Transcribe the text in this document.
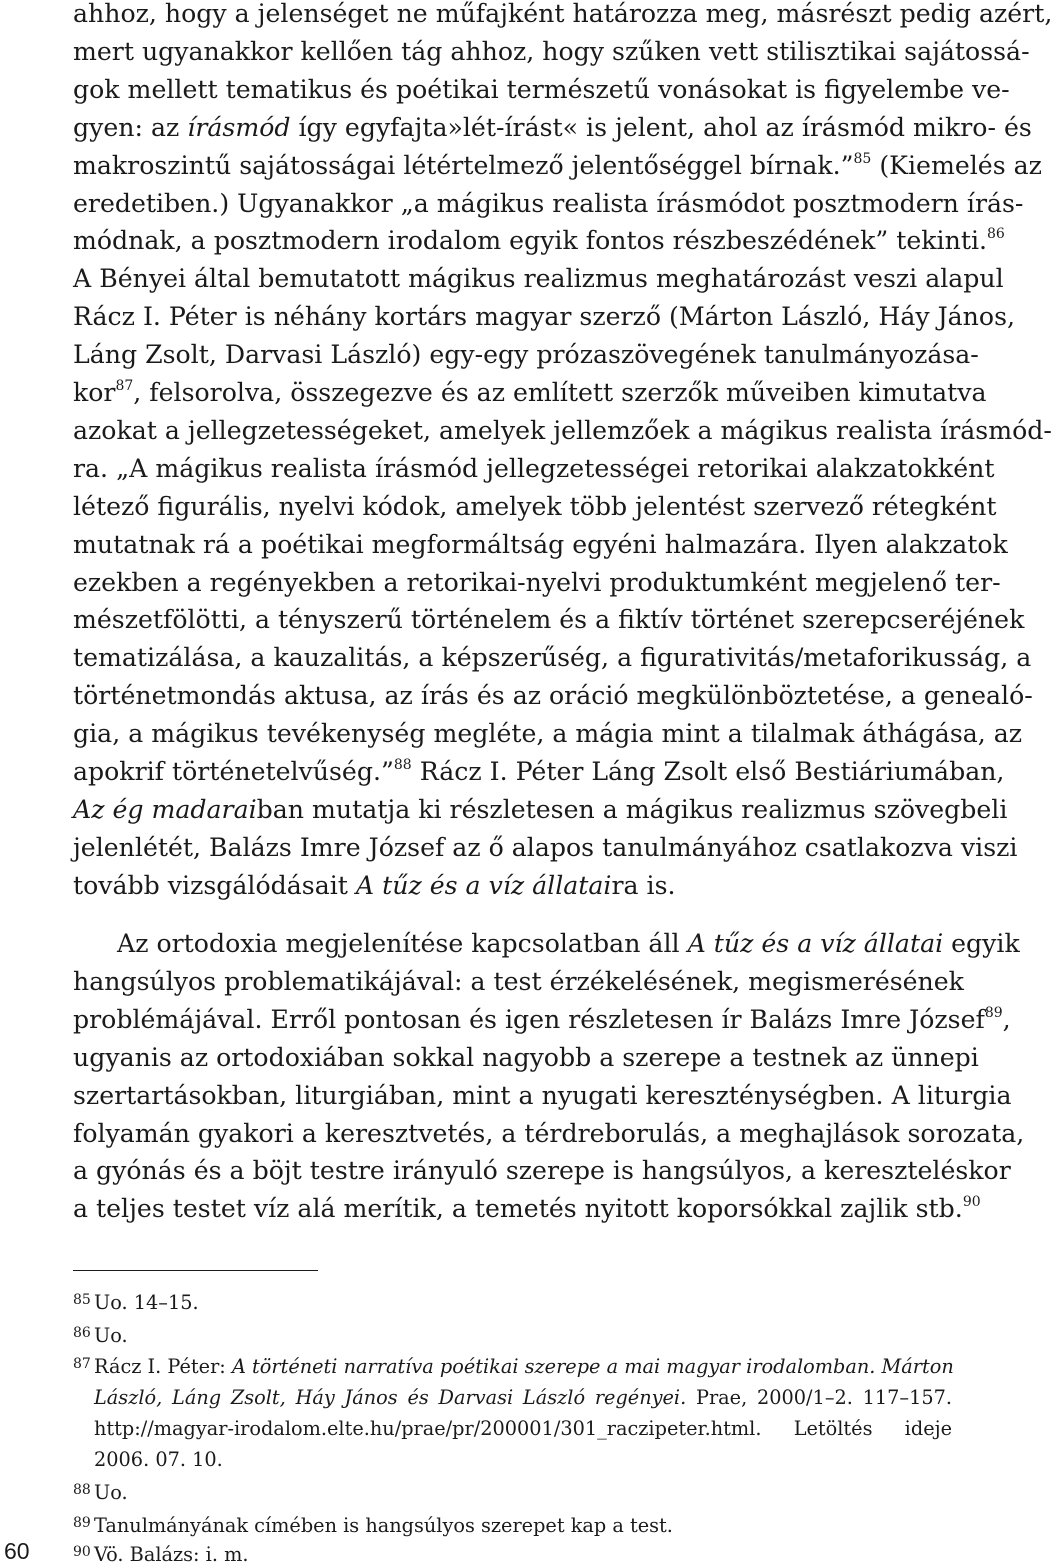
ahhoz, hogy a jelenséget ne műfajként határozza meg, másrészt pedig azért,

mert ugyanakkor kellően tág ahhoz, hogy szűken vett stilisztikai sajátossá-

gok mellett tematikus és poétikai természetű vonásokat is figyelembe ve-

gyen: az írásmód így egyfajta»lét-írást« is jelent, ahol az írásmód mikro- és

makroszintű sajátosságai létértelmező jelentőséggel bírnak.”$^{85}$ (Kiemelés az

eredetiben.) Ugyanakkor „a mágikus realista írásmódot posztmodern írás-

módnak, a posztmodern irodalom egyik fontos részbeszédének” tekinti.$^{86}$

A Bényei által bemutatott mágikus realizmus meghatározást veszi alapul

Rácz I. Péter is néhány kortárs magyar szerző (Márton László, Háy János,

Láng Zsolt, Darvasi László) egy-egy prózaszövegének tanulmányozása-

kor$^{87}$, felsorolva, összegezve és az említett szerzők műveiben kimutatva

azokat a jellegzetességeket, amelyek jellemzőek a mágikus realista írásmód-

ra. „A mágikus realista írásmód jellegzetességei retorikai alakzatokként

létező figurális, nyelvi kódok, amelyek több jelentést szervező rétegként

mutatnak rá a poétikai megformáltság egyéni halmazára. Ilyen alakzatok

ezekben a regényekben a retorikai-nyelvi produktumként megjelenő ter-

mészetfölötti, a tényszerű történelem és a fiktív történet szerepcseréjének

tematizálása, a kauzalitás, a képszerűség, a figurativitás/metaforikusság, a

történetmondás aktusa, az írás és az oráció megkülönböztetése, a genealó-

gia, a mágikus tevékenység megléte, a mágia mint a tilalmak áthágása, az

apokrif történetelvűség.”$^{88}$ Rácz I. Péter Láng Zsolt első Bestiáriumában,

Az ég madaraiban mutatja ki részletesen a mágikus realizmus szövegbeli

jelenlétét, Balázs Imre József az ő alapos tanulmányához csatlakozva viszi

tovább vizsgálódásait A tűz és a víz állataira is.

Az ortodoxia megjelenítése kapcsolatban áll A tűz és a víz állatai egyik

hangsúlyos problematikájával: a test érzékelésének, megismerésének

problémájával. Erről pontosan és igen részletesen ír Balázs Imre József$^{89}$,

ugyanis az ortodoxiában sokkal nagyobb a szerepe a testnek az ünnepi

szertartásokban, liturgiában, mint a nyugati kereszténységben. A liturgia

folyamán gyakori a keresztvetés, a térdreborulás, a meghajlások sorozata,

a gyónás és a böjt testre irányuló szerepe is hangsúlyos, a kereszteléskor

a teljes testet víz alá merítik, a temetés nyitott koporsókkal zajlik stb.$^{90}$

85 Uo. 14–15.

86 Uo.

87 Rácz I. Péter: A történeti narratíva poétikai szerepe a mai magyar irodalomban. Márton

László, Láng Zsolt, Háy János és Darvasi László regényei. Prae, 2000/1–2. 117–157.

http://magyar-irodalom.elte.hu/prae/pr/200001/301_raczipeter.html. Letöltés ideje

2006. 07. 10.

88 Uo.

89 Tanulmányának címében is hangsúlyos szerepet kap a test.

90 Vö. Balázs: i. m.

60
